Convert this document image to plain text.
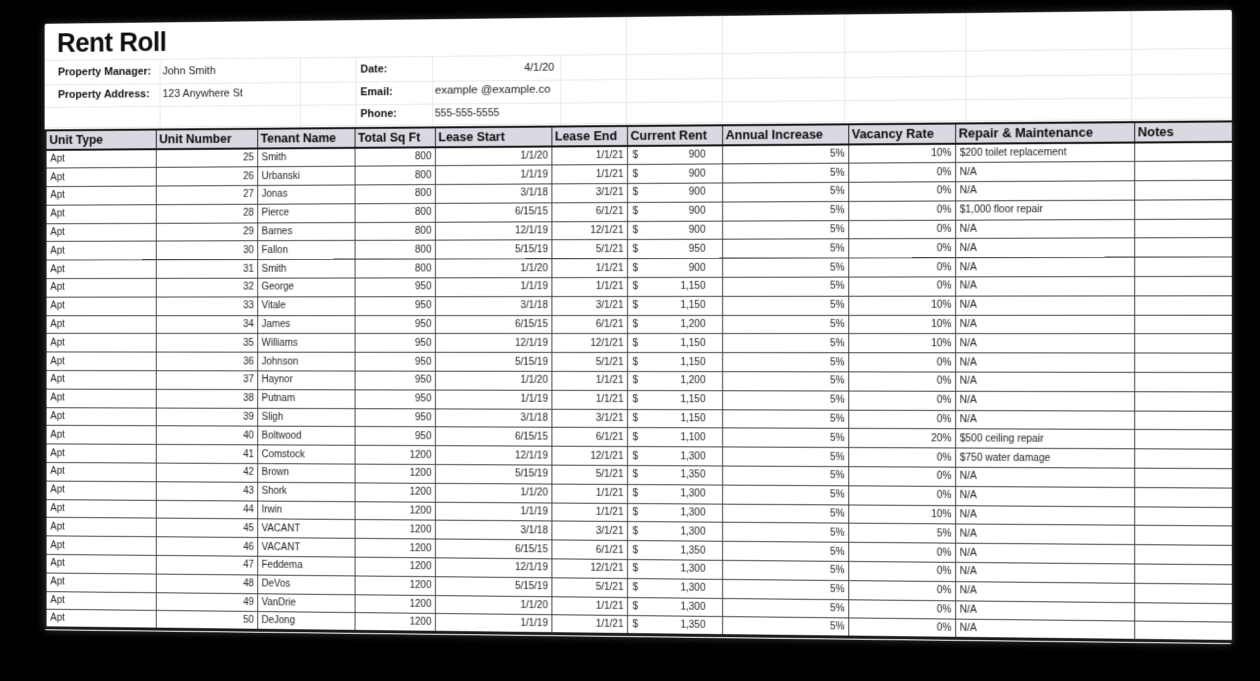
Rent Roll
Property Manager: John Smith	Date:	4/1/20
Property Address: 123 Anywhere St	Email:	example @example.co
Phone:	555-555-5555
Unit Type	Unit Number	Tenant Name	Total Sq Ft	Lease Start	Lease End	Current Rent	Annual Increase	Vacancy Rate	Repair & Maintenance	Notes
Apt	25	Smith	800	1/1/20	1/1/21	$ 900	5%	10%	$200 toilet replacement	
Apt	26	Urbanski	800	1/1/19	1/1/21	$ 900	5%	0%	N/A	
Apt	27	Jonas	800	3/1/18	3/1/21	$ 900	5%	0%	N/A	
Apt	28	Pierce	800	6/15/15	6/1/21	$ 900	5%	0%	$1,000 floor repair	
Apt	29	Barnes	800	12/1/19	12/1/21	$ 900	5%	0%	N/A	
Apt	30	Fallon	800	5/15/19	5/1/21	$ 950	5%	0%	N/A	
Apt	31	Smith	800	1/1/20	1/1/21	$ 900	5%	0%	N/A	
Apt	32	George	950	1/1/19	1/1/21	$ 1,150	5%	0%	N/A	
Apt	33	Vitale	950	3/1/18	3/1/21	$ 1,150	5%	10%	N/A	
Apt	34	James	950	6/15/15	6/1/21	$ 1,200	5%	10%	N/A	
Apt	35	Williams	950	12/1/19	12/1/21	$ 1,150	5%	10%	N/A	
Apt	36	Johnson	950	5/15/19	5/1/21	$ 1,150	5%	0%	N/A	
Apt	37	Haynor	950	1/1/20	1/1/21	$ 1,200	5%	0%	N/A	
Apt	38	Putnam	950	1/1/19	1/1/21	$ 1,150	5%	0%	N/A	
Apt	39	Sligh	950	3/1/18	3/1/21	$ 1,150	5%	0%	N/A	
Apt	40	Boltwood	950	6/15/15	6/1/21	$ 1,100	5%	20%	$500 ceiling repair	
Apt	41	Comstock	1200	12/1/19	12/1/21	$ 1,300	5%	0%	$750 water damage	
Apt	42	Brown	1200	5/15/19	5/1/21	$ 1,350	5%	0%	N/A	
Apt	43	Shork	1200	1/1/20	1/1/21	$ 1,300	5%	0%	N/A	
Apt	44	Irwin	1200	1/1/19	1/1/21	$ 1,300	5%	10%	N/A	
Apt	45	VACANT	1200	3/1/18	3/1/21	$ 1,300	5%	5%	N/A	
Apt	46	VACANT	1200	6/15/15	6/1/21	$ 1,350	5%	0%	N/A	
Apt	47	Feddema	1200	12/1/19	12/1/21	$ 1,300	5%	0%	N/A	
Apt	48	DeVos	1200	5/15/19	5/1/21	$ 1,300	5%	0%	N/A	
Apt	49	VanDrie	1200	1/1/20	1/1/21	$ 1,300	5%	0%	N/A	
Apt	50	DeJong	1200	1/1/19	1/1/21	$ 1,350	5%	0%	N/A	
